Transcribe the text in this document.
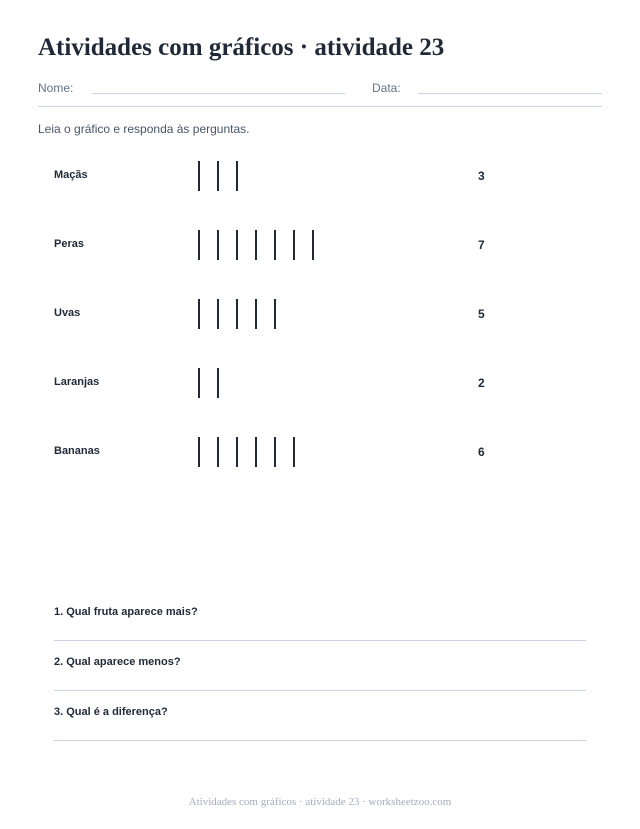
Atividades com gráficos · atividade 23
Nome:	Data:
Leia o gráfico e responda às perguntas.
Maçãs	3
Peras	7
Uvas	5
Laranjas	2
Bananas	6
1. Qual fruta aparece mais?
2. Qual aparece menos?
3. Qual é a diferença?
Atividades com gráficos · atividade 23 · worksheetzoo.com
